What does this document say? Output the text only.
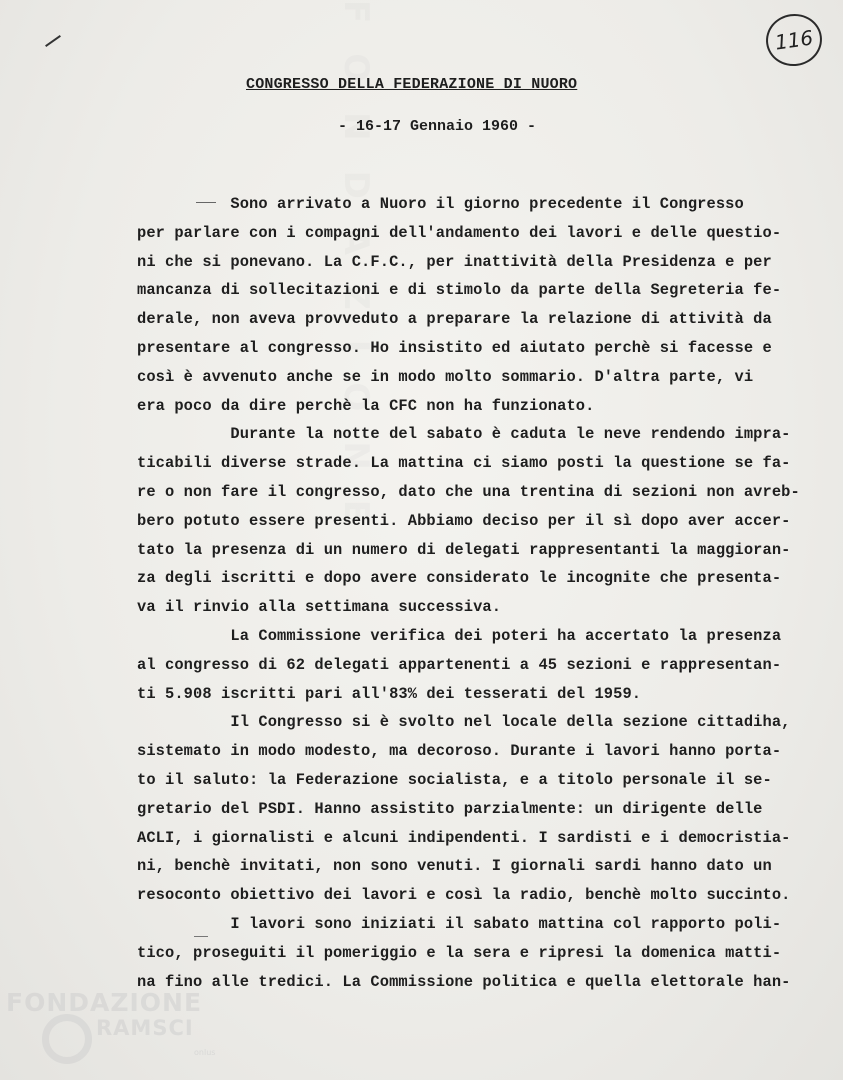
FONDAZIONE	116
CONGRESSO DELLA FEDERAZIONE DI NUORO
- 16-17 Gennaio 1960 -
Sono arrivato a Nuoro il giorno precedente il Congresso
per parlare con i compagni dell'andamento dei lavori e delle questio-
ni che si ponevano. La C.F.C., per inattività della Presidenza e per
mancanza di sollecitazioni e di stimolo da parte della Segreteria fe-
derale, non aveva provveduto a preparare la relazione di attività da
presentare al congresso. Ho insistito ed aiutato perchè si facesse e
così è avvenuto anche se in modo molto sommario. D'altra parte, vi
era poco da dire perchè la CFC non ha funzionato.
Durante la notte del sabato è caduta le neve rendendo impra-
ticabili diverse strade. La mattina ci siamo posti la questione se fa-
re o non fare il congresso, dato che una trentina di sezioni non avreb-
bero potuto essere presenti. Abbiamo deciso per il sì dopo aver accer-
tato la presenza di un numero di delegati rappresentanti la maggioran-
za degli iscritti e dopo avere considerato le incognite che presenta-
va il rinvio alla settimana successiva.
La Commissione verifica dei poteri ha accertato la presenza
al congresso di 62 delegati appartenenti a 45 sezioni e rappresentan-
ti 5.908 iscritti pari all'83% dei tesserati del 1959.
Il Congresso si è svolto nel locale della sezione cittadiha,
sistemato in modo modesto, ma decoroso. Durante i lavori hanno porta-
to il saluto: la Federazione socialista, e a titolo personale il se-
gretario del PSDI. Hanno assistito parzialmente: un dirigente delle
ACLI, i giornalisti e alcuni indipendenti. I sardisti e i democristia-
ni, benchè invitati, non sono venuti. I giornali sardi hanno dato un
resoconto obiettivo dei lavori e così la radio, benchè molto succinto.
I lavori sono iniziati il sabato mattina col rapporto poli-
tico, proseguiti il pomeriggio e la sera e ripresi la domenica matti-
na fino alle tredici. La Commissione politica e quella elettorale han-
FONDAZIONE
RAMSCI
onlus
